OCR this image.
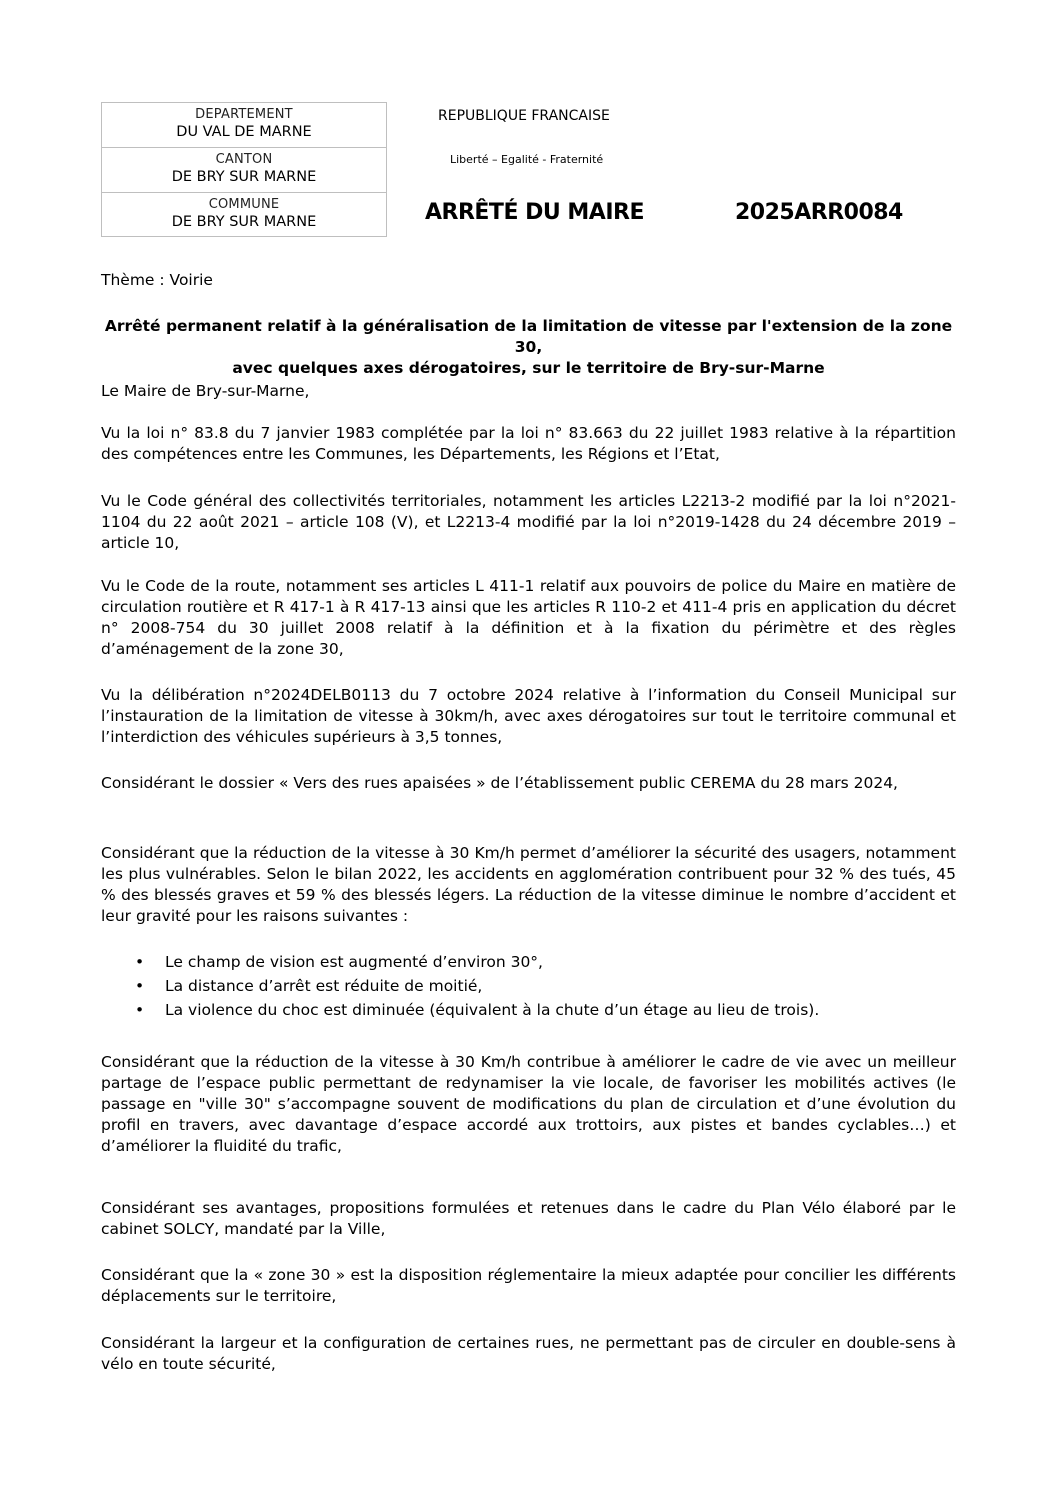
DEPARTEMENT
DU VAL DE MARNE
CANTON
DE BRY SUR MARNE
COMMUNE
DE BRY SUR MARNE
REPUBLIQUE FRANCAISE
Liberté – Egalité - Fraternité
ARRÊTÉ DU MAIRE	2025ARR0084
Thème : Voirie
Arrêté permanent relatif à la généralisation de la limitation de vitesse par l'extension de la zone 30,
avec quelques axes dérogatoires, sur le territoire de Bry-sur-Marne
Le Maire de Bry-sur-Marne,
Vu la loi n° 83.8 du 7 janvier 1983 complétée par la loi n° 83.663 du 22 juillet 1983 relative à la répartition des compétences entre les Communes, les Départements, les Régions et l’Etat,
Vu le Code général des collectivités territoriales, notamment les articles L2213-2 modifié par la loi n°2021-1104 du 22 août 2021 – article 108 (V), et L2213-4 modifié par la loi n°2019-1428 du 24 décembre 2019 – article 10,
Vu le Code de la route, notamment ses articles L 411-1 relatif aux pouvoirs de police du Maire en matière de circulation routière et R 417-1 à R 417-13 ainsi que les articles R 110-2 et 411-4 pris en application du décret n° 2008-754 du 30 juillet 2008 relatif à la définition et à la fixation du périmètre et des règles d’aménagement de la zone 30,
Vu la délibération n°2024DELB0113 du 7 octobre 2024 relative à l’information du Conseil Municipal sur l’instauration de la limitation de vitesse à 30km/h, avec axes dérogatoires sur tout le territoire communal et l’interdiction des véhicules supérieurs à 3,5 tonnes,
Considérant le dossier « Vers des rues apaisées » de l’établissement public CEREMA du 28 mars 2024,
Considérant que la réduction de la vitesse à 30 Km/h permet d’améliorer la sécurité des usagers, notamment les plus vulnérables. Selon le bilan 2022, les accidents en agglomération contribuent pour 32 % des tués, 45 % des blessés graves et 59 % des blessés légers. La réduction de la vitesse diminue le nombre d’accident et leur gravité pour les raisons suivantes :
• Le champ de vision est augmenté d’environ 30°,
• La distance d’arrêt est réduite de moitié,
• La violence du choc est diminuée (équivalent à la chute d’un étage au lieu de trois).
Considérant que la réduction de la vitesse à 30 Km/h contribue à améliorer le cadre de vie avec un meilleur partage de l’espace public permettant de redynamiser la vie locale, de favoriser les mobilités actives (le passage en "ville 30" s’accompagne souvent de modifications du plan de circulation et d’une évolution du profil en travers, avec davantage d’espace accordé aux trottoirs, aux pistes et bandes cyclables…) et d’améliorer la fluidité du trafic,
Considérant ses avantages, propositions formulées et retenues dans le cadre du Plan Vélo élaboré par le cabinet SOLCY, mandaté par la Ville,
Considérant que la « zone 30 » est la disposition réglementaire la mieux adaptée pour concilier les différents déplacements sur le territoire,
Considérant la largeur et la configuration de certaines rues, ne permettant pas de circuler en double-sens à vélo en toute sécurité,
